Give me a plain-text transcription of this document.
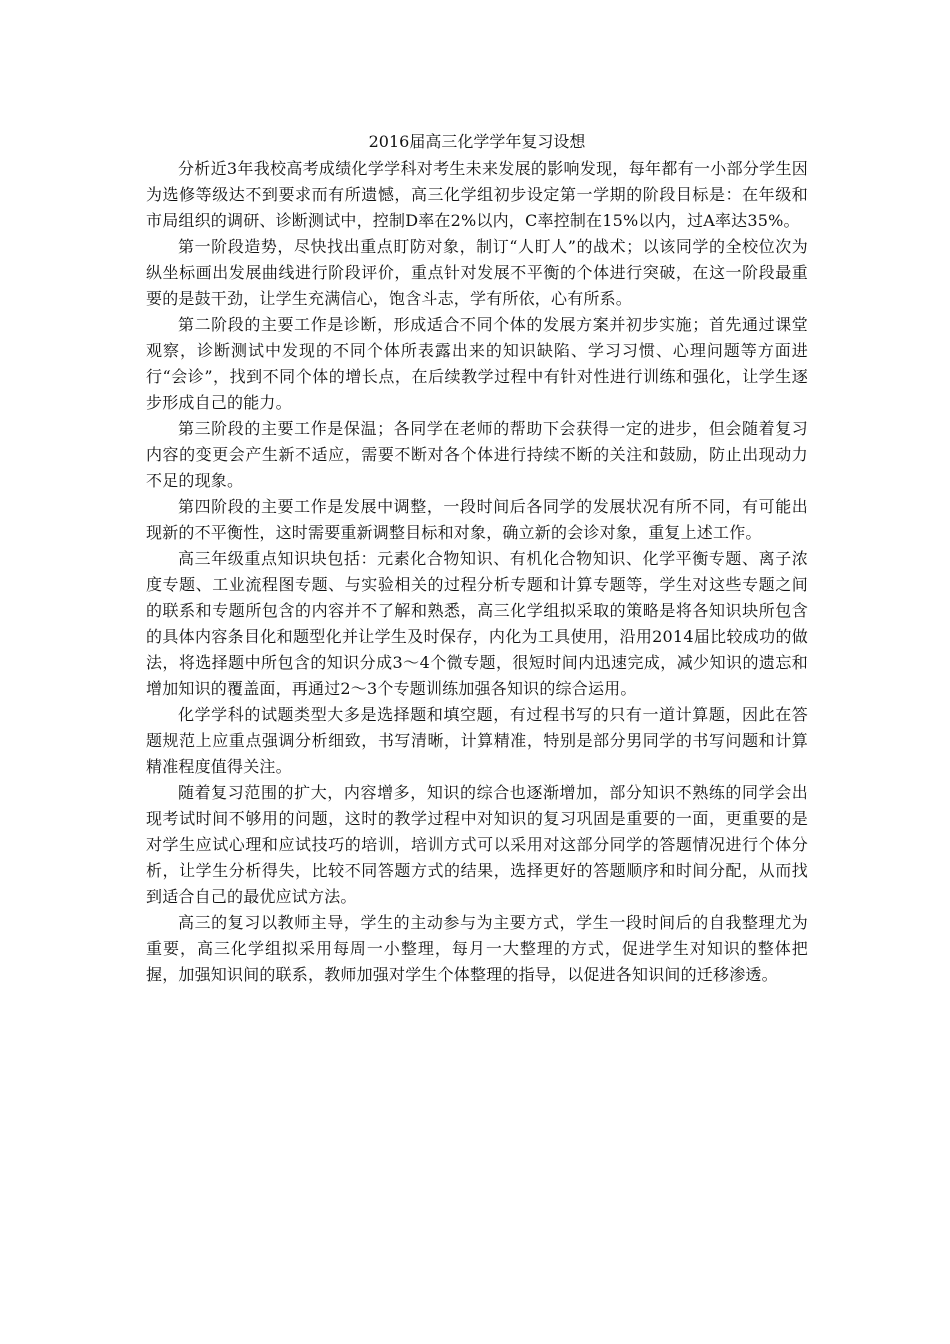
2016届高三化学学年复习设想

分析近3年我校高考成绩化学学科对考生未来发展的影响发现，每年都有一小部分学生因为选修等级达不到要求而有所遗憾，高三化学组初步设定第一学期的阶段目标是：在年级和市局组织的调研、诊断测试中，控制D率在2%以内，C率控制在15%以内，过A率达35%。

第一阶段造势，尽快找出重点盯防对象，制订“人盯人”的战术；以该同学的全校位次为纵坐标画出发展曲线进行阶段评价，重点针对发展不平衡的个体进行突破，在这一阶段最重要的是鼓干劲，让学生充满信心，饱含斗志，学有所依，心有所系。

第二阶段的主要工作是诊断，形成适合不同个体的发展方案并初步实施；首先通过课堂观察，诊断测试中发现的不同个体所表露出来的知识缺陷、学习习惯、心理问题等方面进行“会诊”，找到不同个体的增长点，在后续教学过程中有针对性进行训练和强化，让学生逐步形成自己的能力。

第三阶段的主要工作是保温；各同学在老师的帮助下会获得一定的进步，但会随着复习内容的变更会产生新不适应，需要不断对各个体进行持续不断的关注和鼓励，防止出现动力不足的现象。

第四阶段的主要工作是发展中调整，一段时间后各同学的发展状况有所不同，有可能出现新的不平衡性，这时需要重新调整目标和对象，确立新的会诊对象，重复上述工作。

高三年级重点知识块包括：元素化合物知识、有机化合物知识、化学平衡专题、离子浓度专题、工业流程图专题、与实验相关的过程分析专题和计算专题等，学生对这些专题之间的联系和专题所包含的内容并不了解和熟悉，高三化学组拟采取的策略是将各知识块所包含的具体内容条目化和题型化并让学生及时保存，内化为工具使用，沿用2014届比较成功的做法，将选择题中所包含的知识分成3～4个微专题，很短时间内迅速完成，减少知识的遗忘和增加知识的覆盖面，再通过2～3个专题训练加强各知识的综合运用。

化学学科的试题类型大多是选择题和填空题，有过程书写的只有一道计算题，因此在答题规范上应重点强调分析细致，书写清晰，计算精准，特别是部分男同学的书写问题和计算精准程度值得关注。

随着复习范围的扩大，内容增多，知识的综合也逐渐增加，部分知识不熟练的同学会出现考试时间不够用的问题，这时的教学过程中对知识的复习巩固是重要的一面，更重要的是对学生应试心理和应试技巧的培训，培训方式可以采用对这部分同学的答题情况进行个体分析，让学生分析得失，比较不同答题方式的结果，选择更好的答题顺序和时间分配，从而找到适合自己的最优应试方法。

高三的复习以教师主导，学生的主动参与为主要方式，学生一段时间后的自我整理尤为重要，高三化学组拟采用每周一小整理，每月一大整理的方式，促进学生对知识的整体把握，加强知识间的联系，教师加强对学生个体整理的指导，以促进各知识间的迁移渗透。
